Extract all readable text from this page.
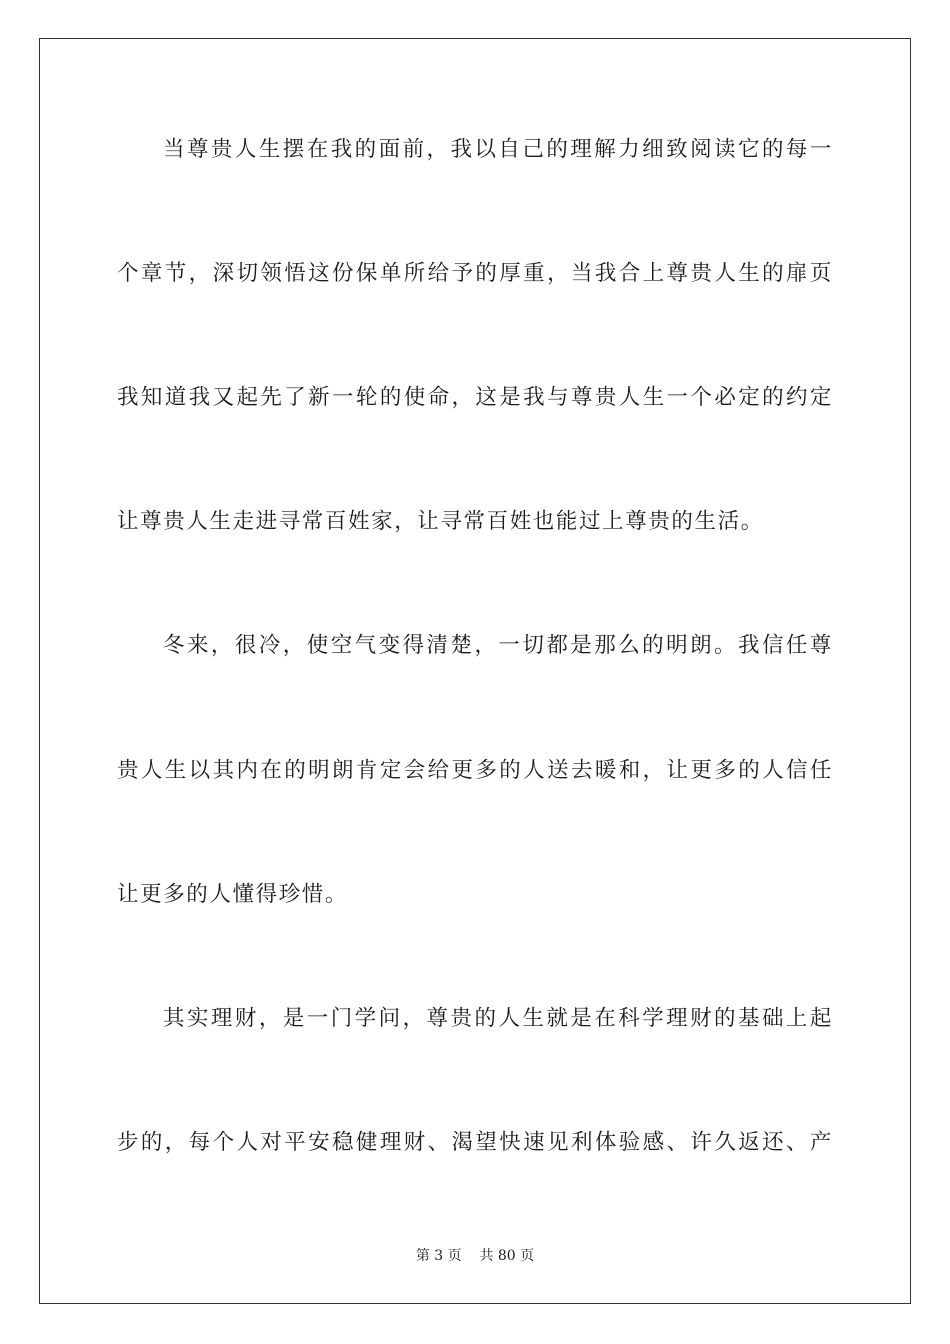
当尊贵人生摆在我的面前，我以自己的理解力细致阅读它的每一
个章节，深切领悟这份保单所给予的厚重，当我合上尊贵人生的扉页
我知道我又起先了新一轮的使命，这是我与尊贵人生一个必定的约定
让尊贵人生走进寻常百姓家，让寻常百姓也能过上尊贵的生活。
冬来，很冷，使空气变得清楚，一切都是那么的明朗。我信任尊
贵人生以其内在的明朗肯定会给更多的人送去暖和，让更多的人信任
让更多的人懂得珍惜。
其实理财，是一门学问，尊贵的人生就是在科学理财的基础上起
步的，每个人对平安稳健理财、渴望快速见利体验感、许久返还、产
第 3 页 共 80 页
